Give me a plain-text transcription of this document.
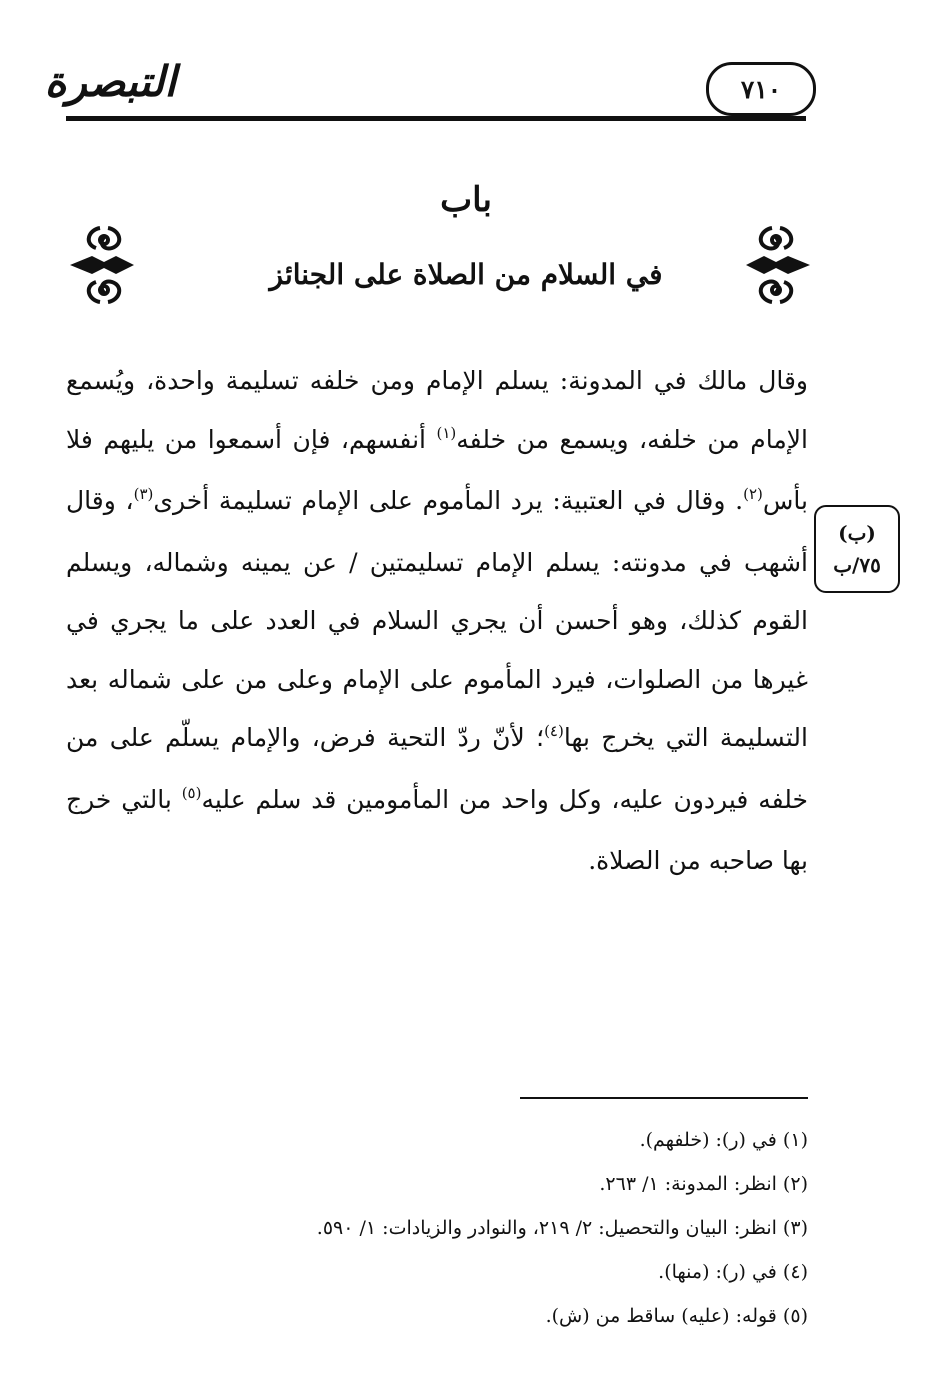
التبصرة	٧١٠
باب
في السلام من الصلاة على الجنائز

وقال مالك في المدونة: يسلم الإمام ومن خلفه تسليمة واحدة، ويُسمع الإمام من خلفه، ويسمع من خلفه$^{(١)}$ أنفسهم، فإن أسمعوا من يليهم فلا بأس$^{(٢)}$. وقال في العتبية: يرد المأموم على الإمام تسليمة أخرى$^{(٣)}$، وقال أشهب في مدونته: يسلم الإمام تسليمتين / عن يمينه وشماله، ويسلم القوم كذلك، وهو أحسن أن يجري السلام في العدد على ما يجري في غيرها من الصلوات، فيرد المأموم على الإمام وعلى من على شماله بعد التسليمة التي يخرج بها$^{(٤)}$؛ لأنّ ردّ التحية فرض، والإمام يسلّم على من خلفه فيردون عليه، وكل واحد من المأمومين قد سلم عليه$^{(٥)}$ بالتي خرج بها صاحبه من الصلاة.

(ب)
٧٥/ب
(١) في (ر): (خلفهم).
(٢) انظر: المدونة: ١/ ٢٦٣.
(٣) انظر: البيان والتحصيل: ٢/ ٢١٩، والنوادر والزيادات: ١/ ٥٩٠.
(٤) في (ر): (منها).
(٥) قوله: (عليه) ساقط من (ش).
